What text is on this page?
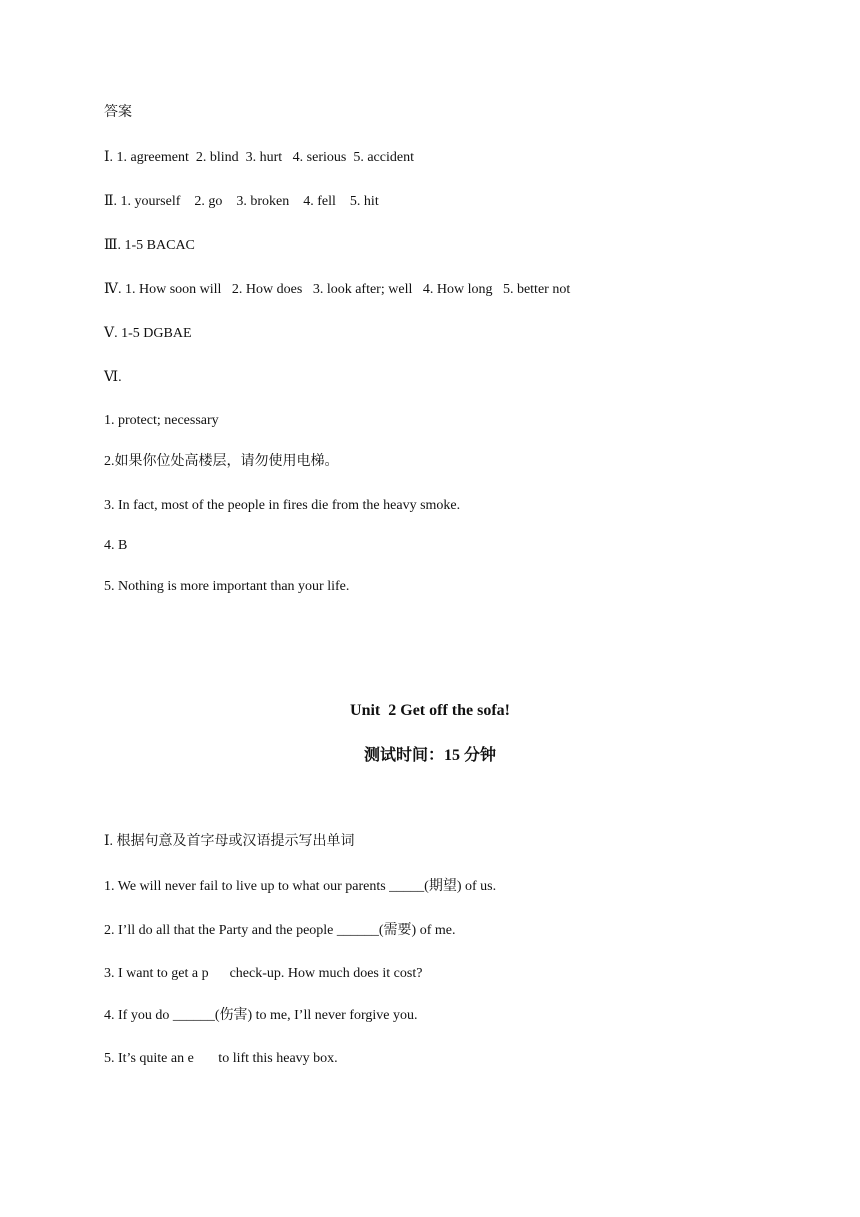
答案
Ⅰ. 1. agreement  2. blind  3. hurt   4. serious  5. accident
Ⅱ. 1. yourself    2. go    3. broken    4. fell    5. hit
Ⅲ. 1-5 BACAC
Ⅳ. 1. How soon will   2. How does   3. look after; well   4. How long   5. better not
Ⅴ. 1-5 DGBAE
Ⅵ.
1. protect; necessary
2.如果你位处高楼层，请勿使用电梯。
3. In fact, most of the people in fires die from the heavy smoke.
4. B
5. Nothing is more important than your life.
Unit  2 Get off the sofa!
测试时间：15 分钟
Ⅰ. 根据句意及首字母或汉语提示写出单词
1. We will never fail to live up to what our parents _____(期望) of us.
2. I’ll do all that the Party and the people ______(需要) of me.
3. I want to get a p      check-up. How much does it cost?
4. If you do ______(伤害) to me, I’ll never forgive you.
5. It’s quite an e       to lift this heavy box.
